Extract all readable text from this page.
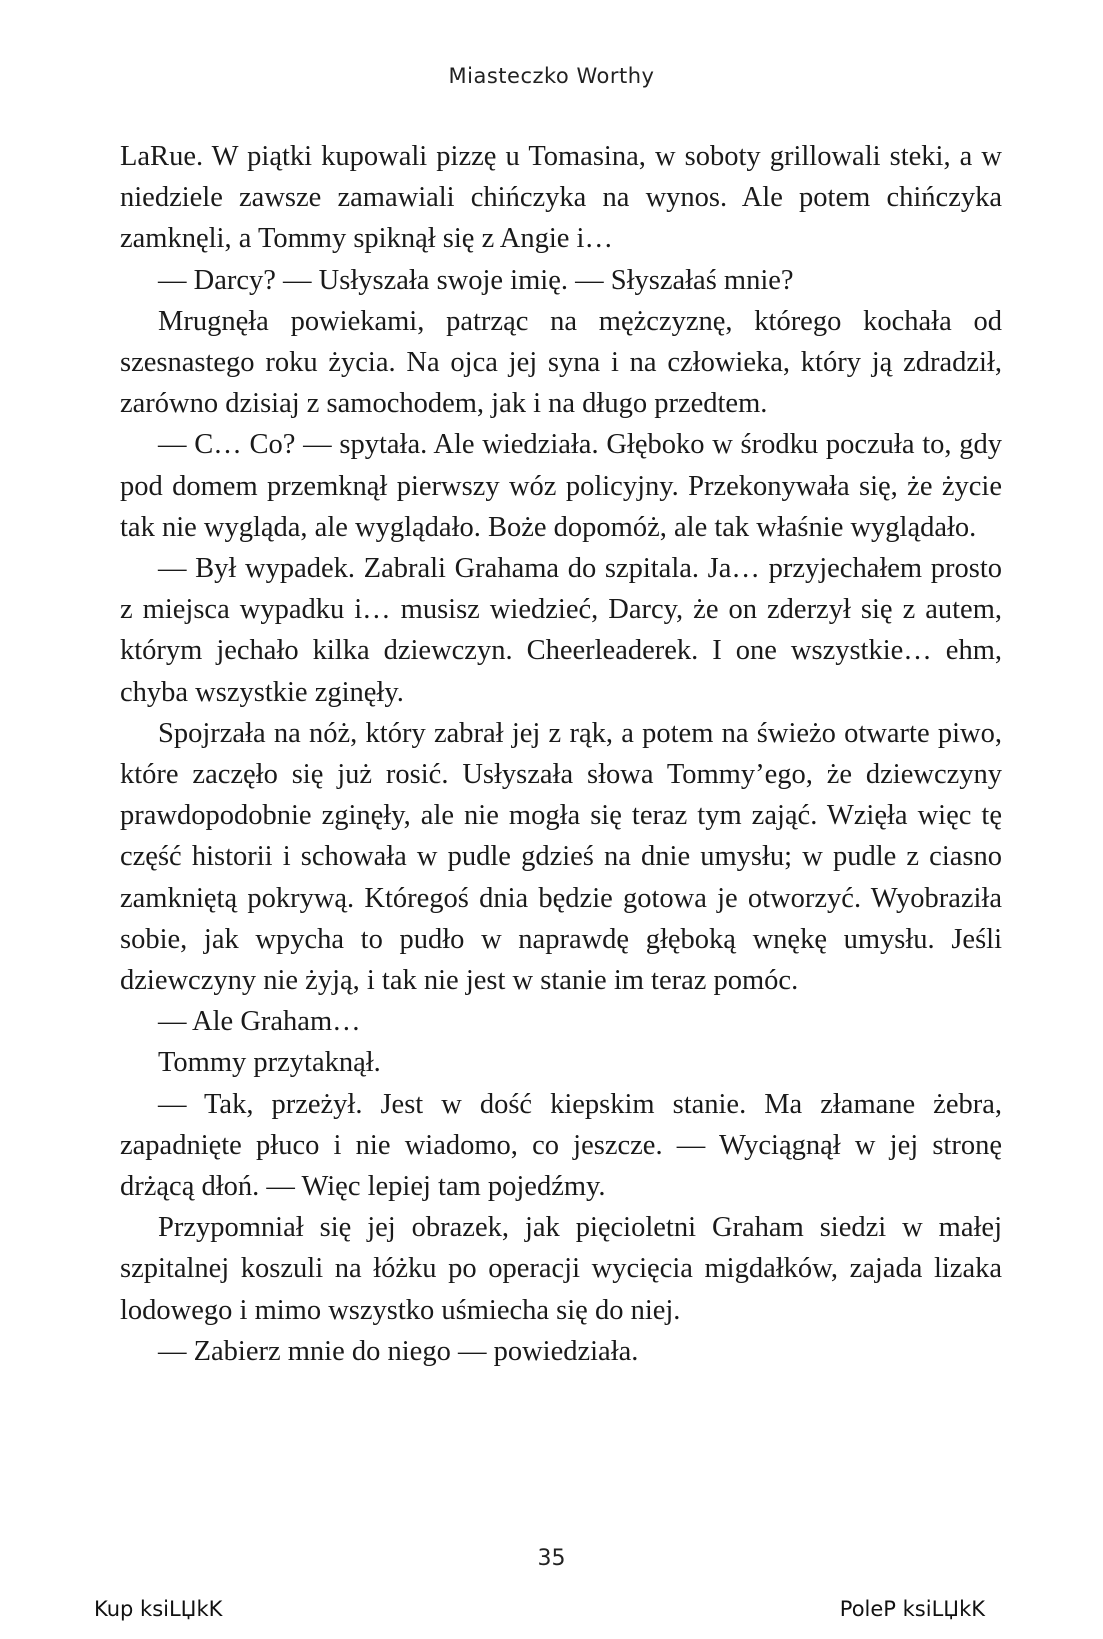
Miasteczko Worthy

LaRue. W piątki kupowali pizzę u Tomasina, w soboty grillowali steki, a w niedziele zawsze zamawiali chińczyka na wynos. Ale potem chińczyka zamknęli, a Tommy spiknął się z Angie i…

— Darcy? — Usłyszała swoje imię. — Słyszałaś mnie?

Mrugnęła powiekami, patrząc na mężczyznę, którego kochała od szesnastego roku życia. Na ojca jej syna i na człowieka, który ją zdradził, zarówno dzisiaj z samochodem, jak i na długo przedtem.

— C… Co? — spytała. Ale wiedziała. Głęboko w środku poczuła to, gdy pod domem przemknął pierwszy wóz policyjny. Przekonywała się, że życie tak nie wygląda, ale wyglądało. Boże dopomóż, ale tak właśnie wyglądało.

— Był wypadek. Zabrali Grahama do szpitala. Ja… przyjechałem prosto z miejsca wypadku i… musisz wiedzieć, Darcy, że on zderzył się z autem, którym jechało kilka dziewczyn. Cheerleaderek. I one wszystkie… ehm, chyba wszystkie zginęły.

Spojrzała na nóż, który zabrał jej z rąk, a potem na świeżo otwarte piwo, które zaczęło się już rosić. Usłyszała słowa Tommy’ego, że dziewczyny prawdopodobnie zginęły, ale nie mogła się teraz tym zająć. Wzięła więc tę część historii i schowała w pudle gdzieś na dnie umysłu; w pudle z ciasno zamkniętą pokrywą. Któregoś dnia będzie gotowa je otworzyć. Wyobraziła sobie, jak wpycha to pudło w naprawdę głęboką wnękę umysłu. Jeśli dziewczyny nie żyją, i tak nie jest w stanie im teraz pomóc.

— Ale Graham…

Tommy przytaknął.

— Tak, przeżył. Jest w dość kiepskim stanie. Ma złamane żebra, zapadnięte płuco i nie wiadomo, co jeszcze. — Wyciągnął w jej stronę drżącą dłoń. — Więc lepiej tam pojedźmy.

Przypomniał się jej obrazek, jak pięcioletni Graham siedzi w małej szpitalnej koszuli na łóżku po operacji wycięcia migdałków, zajada lizaka lodowego i mimo wszystko uśmiecha się do niej.

— Zabierz mnie do niego — powiedziała.

35
Kup ksiLЏkK	PoleP ksiLЏkK
